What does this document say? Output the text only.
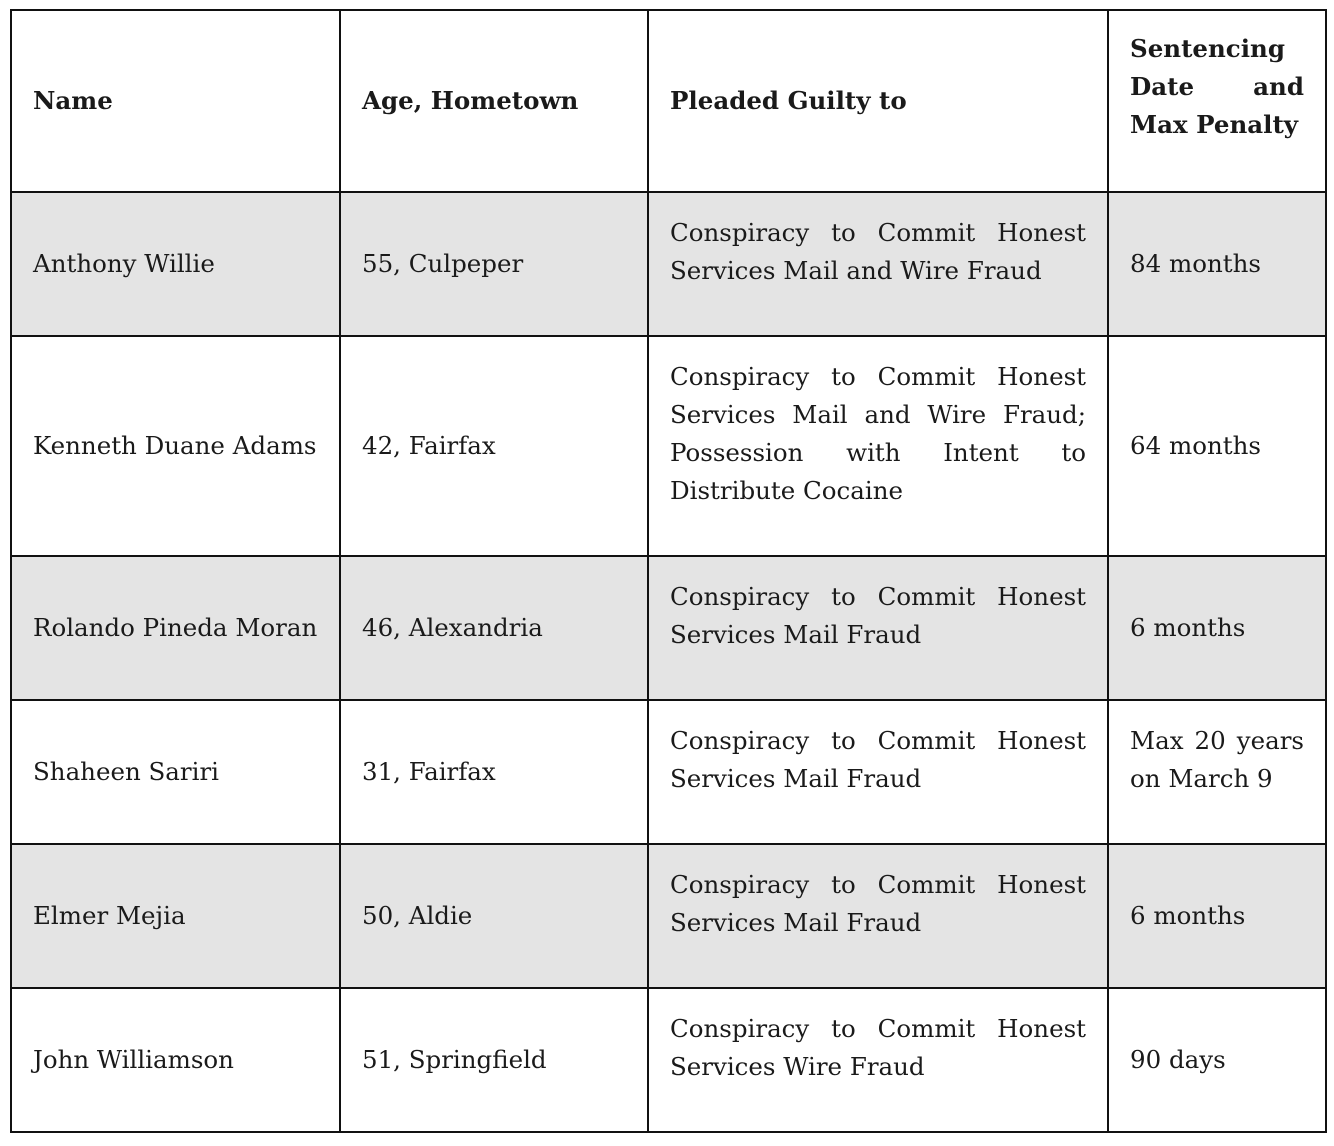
Name	Age, Hometown	Pleaded Guilty to	Sentencing Date and Max Penalty
Anthony Willie	55, Culpeper	Conspiracy to Commit Honest Services Mail and Wire Fraud	84 months
Kenneth Duane Adams	42, Fairfax	Conspiracy to Commit Honest Services Mail and Wire Fraud; Possession with Intent to Distribute Cocaine	64 months
Rolando Pineda Moran	46, Alexandria	Conspiracy to Commit Honest Services Mail Fraud	6 months
Shaheen Sariri	31, Fairfax	Conspiracy to Commit Honest Services Mail Fraud	Max 20 years on March 9
Elmer Mejia	50, Aldie	Conspiracy to Commit Honest Services Mail Fraud	6 months
John Williamson	51, Springfield	Conspiracy to Commit Honest Services Wire Fraud	90 days
